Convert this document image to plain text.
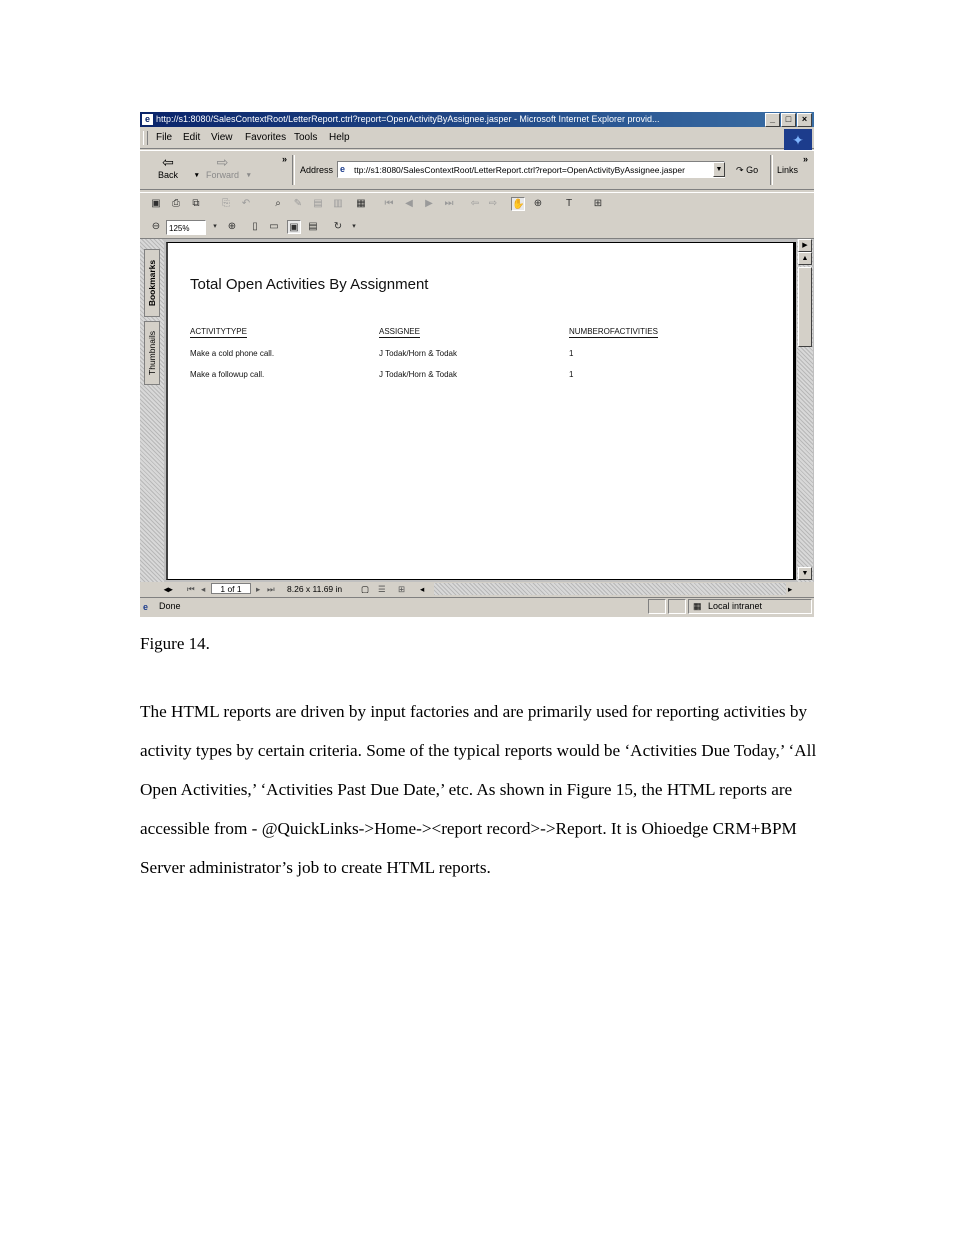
e http://s1:8080/SalesContextRoot/LetterReport.ctrl?report=OpenActivityByAssignee.jasper - Microsoft Internet Explorer provid...	_ □ ×
File Edit View Favorites Tools Help	✦
⇦
Back ▾
⇨
Forward ▾
»
Address e	ttp://s1:8080/SalesContextRoot/LetterReport.ctrl?report=OpenActivityByAssignee.jasper	▼ ↷ Go Links
»
▣	⎙	⧉	⎘	↶	⌕	✎ ▤ ▥ ▦ ⏮	◀	▶	⏭ ⇦ ⇨ ✋ ⊕	T	⊞
⊖	▾	⊕	▯	▭ ▣ ▤ ↻	▾
125%
Bookmarks
Thumbnails
Total Open Activities By Assignment
ACTIVITYTYPE	ASSIGNEE	NUMBEROFACTIVITIES
Make a cold phone call.	J Todak/Horn & Todak	1
Make a followup call.	J Todak/Horn & Todak	1
▶
▲
▼
◂▸ ⏮ ◂	1 of 1	▸ ⏭ 8.26 x 11.69 in ▢ ☰ ⊞ ◂	▸
e Done	▦ Local intranet
Figure 14.

The HTML reports are driven by input factories and are primarily used for reporting activities by activity types by certain criteria. Some of the typical reports would be ‘Activities Due Today,’ ‘All Open Activities,’ ‘Activities Past Due Date,’ etc. As shown in Figure 15, the HTML reports are accessible from - @QuickLinks->Home-><report record>->Report. It is Ohioedge CRM+BPM Server administrator’s job to create HTML reports.
